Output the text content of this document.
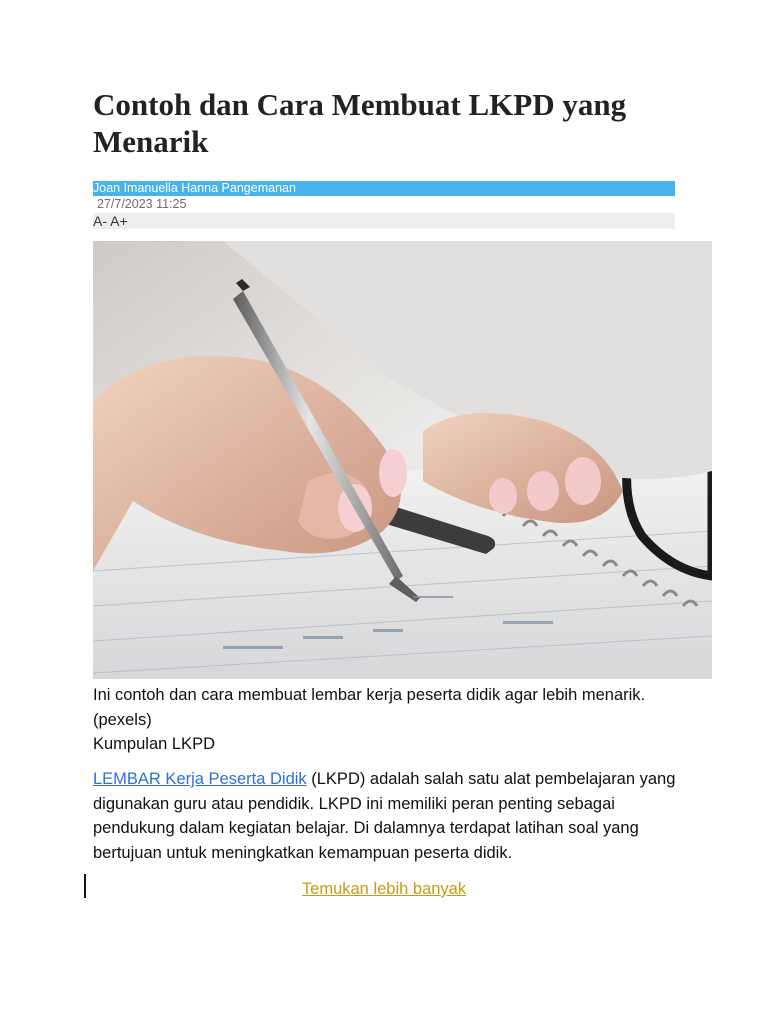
Contoh dan Cara Membuat LKPD yang Menarik
Joan Imanuella Hanna Pangemanan
27/7/2023 11:25
A- A+

Ini contoh dan cara membuat lembar kerja peserta didik agar lebih menarik.(pexels)
Kumpulan LKPD

LEMBAR Kerja Peserta Didik (LKPD) adalah salah satu alat pembelajaran yang digunakan guru atau pendidik. LKPD ini memiliki peran penting sebagai pendukung dalam kegiatan belajar. Di dalamnya terdapat latihan soal yang bertujuan untuk meningkatkan kemampuan peserta didik.

Temukan lebih banyak
